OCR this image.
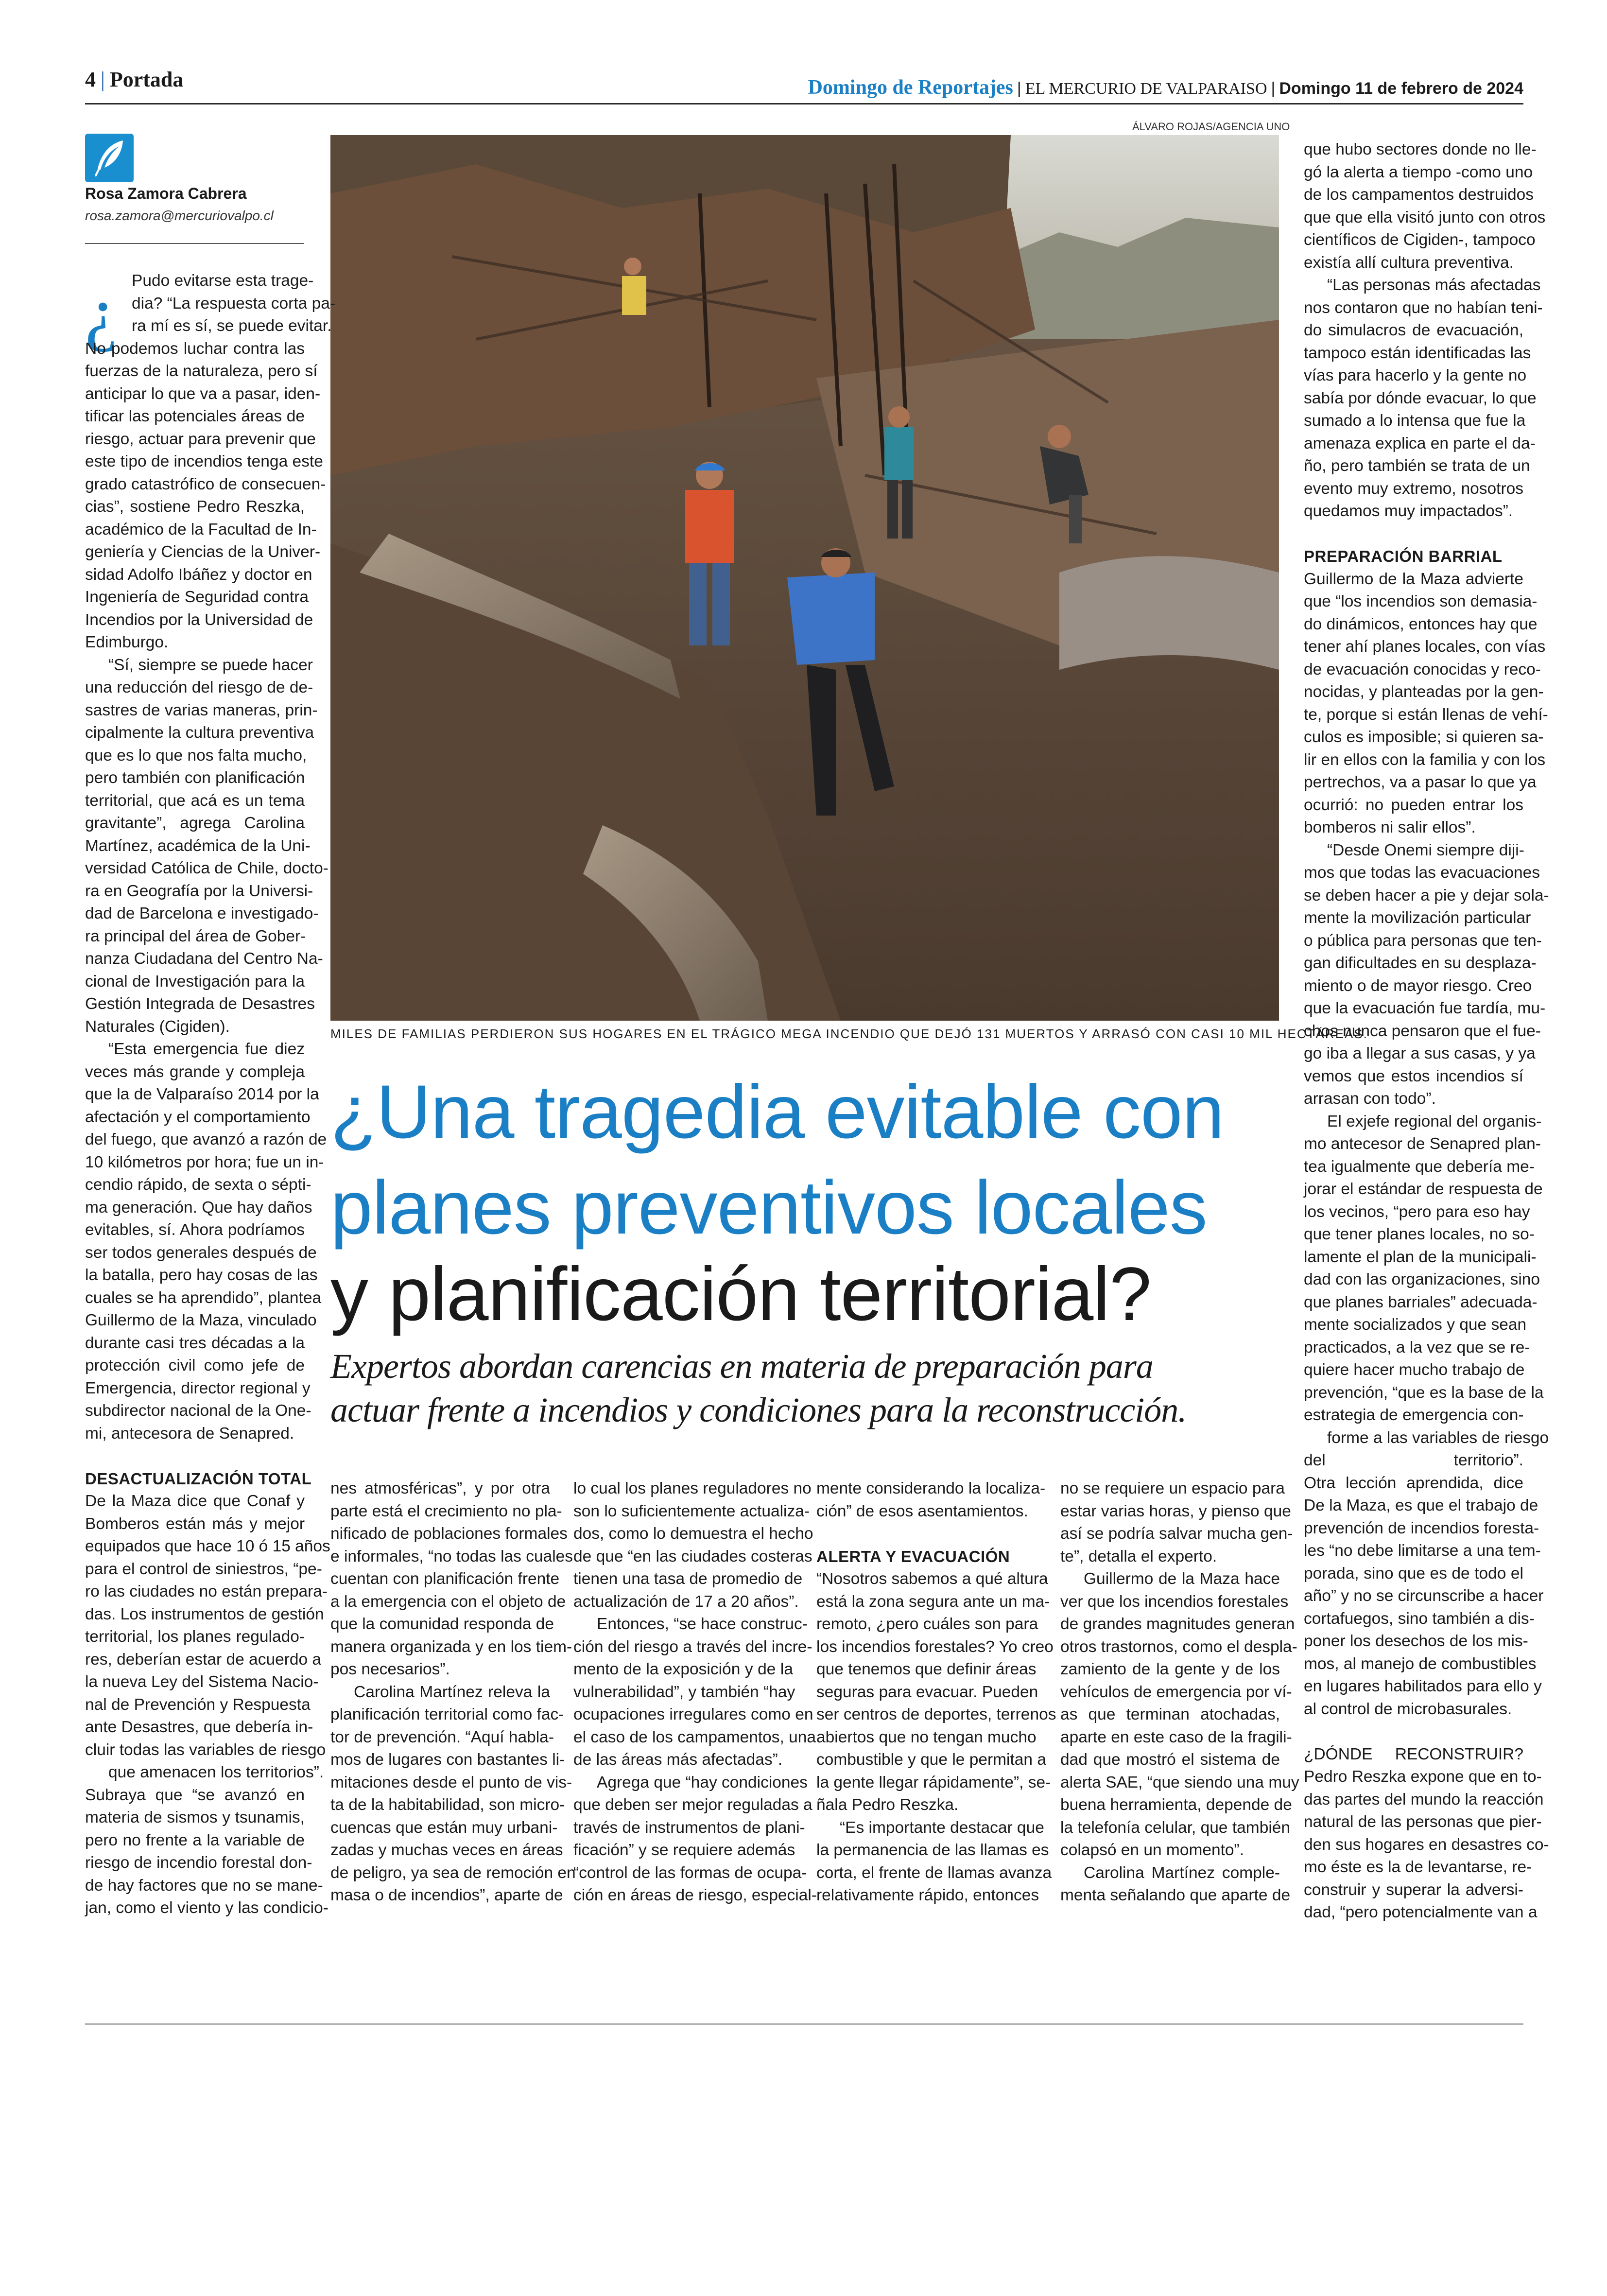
4 | Portada	Domingo de Reportajes | EL MERCURIO DE VALPARAISO | Domingo 11 de febrero de 2024
Rosa Zamora Cabrera
rosa.zamora@mercuriovalpo.cl
ÁLVARO ROJAS/AGENCIA UNO
MILES DE FAMILIAS PERDIERON SUS HOGARES EN EL TRÁGICO MEGA INCENDIO QUE DEJÓ 131 MUERTOS Y ARRASÓ CON CASI 10 MIL HECTÁREAS.
¿Una tragedia evitable con
planes preventivos locales
y planificación territorial?
Expertos abordan carencias en materia de preparación para
actuar frente a incendios y condiciones para la reconstrucción.
¿ Pudo evitarse esta trage-
dia? “La respuesta corta pa-
ra mí es sí, se puede evitar.
No podemos luchar contra las
fuerzas de la naturaleza, pero sí
anticipar lo que va a pasar, iden-
tificar las potenciales áreas de
riesgo, actuar para prevenir que
este tipo de incendios tenga este
grado catastrófico de consecuen-
cias”, sostiene Pedro Reszka,
académico de la Facultad de In-
geniería y Ciencias de la Univer-
sidad Adolfo Ibáñez y doctor en
Ingeniería de Seguridad contra
Incendios por la Universidad de
Edimburgo.
“Sí, siempre se puede hacer
una reducción del riesgo de de-
sastres de varias maneras, prin-
cipalmente la cultura preventiva
que es lo que nos falta mucho,
pero también con planificación
territorial, que acá es un tema
gravitante”, agrega Carolina
Martínez, académica de la Uni-
versidad Católica de Chile, docto-
ra en Geografía por la Universi-
dad de Barcelona e investigado-
ra principal del área de Gober-
nanza Ciudadana del Centro Na-
cional de Investigación para la
Gestión Integrada de Desastres
Naturales (Cigiden).
“Esta emergencia fue diez
veces más grande y compleja
que la de Valparaíso 2014 por la
afectación y el comportamiento
del fuego, que avanzó a razón de
10 kilómetros por hora; fue un in-
cendio rápido, de sexta o sépti-
ma generación. Que hay daños
evitables, sí. Ahora podríamos
ser todos generales después de
la batalla, pero hay cosas de las
cuales se ha aprendido”, plantea
Guillermo de la Maza, vinculado
durante casi tres décadas a la
protección civil como jefe de
Emergencia, director regional y
subdirector nacional de la One-
mi, antecesora de Senapred.
DESACTUALIZACIÓN TOTAL
De la Maza dice que Conaf y
Bomberos están más y mejor
equipados que hace 10 ó 15 años
para el control de siniestros, “pe-
ro las ciudades no están prepara-
das. Los instrumentos de gestión
territorial, los planes regulado-
res, deberían estar de acuerdo a
la nueva Ley del Sistema Nacio-
nal de Prevención y Respuesta
ante Desastres, que debería in-
cluir todas las variables de riesgo
que amenacen los territorios”.
Subraya que “se avanzó en
materia de sismos y tsunamis,
pero no frente a la variable de
riesgo de incendio forestal don-
de hay factores que no se mane-
jan, como el viento y las condicio-
nes atmosféricas”, y por otra
parte está el crecimiento no pla-
nificado de poblaciones formales
e informales, “no todas las cuales
cuentan con planificación frente
a la emergencia con el objeto de
que la comunidad responda de
manera organizada y en los tiem-
pos necesarios”.
Carolina Martínez releva la
planificación territorial como fac-
tor de prevención. “Aquí habla-
mos de lugares con bastantes li-
mitaciones desde el punto de vis-
ta de la habitabilidad, son micro-
cuencas que están muy urbani-
zadas y muchas veces en áreas
de peligro, ya sea de remoción en
masa o de incendios”, aparte de
lo cual los planes reguladores no
son lo suficientemente actualiza-
dos, como lo demuestra el hecho
de que “en las ciudades costeras
tienen una tasa de promedio de
actualización de 17 a 20 años”.
Entonces, “se hace construc-
ción del riesgo a través del incre-
mento de la exposición y de la
vulnerabilidad”, y también “hay
ocupaciones irregulares como en
el caso de los campamentos, una
de las áreas más afectadas”.
Agrega que “hay condiciones
que deben ser mejor reguladas a
través de instrumentos de plani-
ficación” y se requiere además
“control de las formas de ocupa-
ción en áreas de riesgo, especial-
mente considerando la localiza-
ción” de esos asentamientos.
ALERTA Y EVACUACIÓN
“Nosotros sabemos a qué altura
está la zona segura ante un ma-
remoto, ¿pero cuáles son para
los incendios forestales? Yo creo
que tenemos que definir áreas
seguras para evacuar. Pueden
ser centros de deportes, terrenos
abiertos que no tengan mucho
combustible y que le permitan a
la gente llegar rápidamente”, se-
ñala Pedro Reszka.
“Es importante destacar que
la permanencia de las llamas es
corta, el frente de llamas avanza
relativamente rápido, entonces
no se requiere un espacio para
estar varias horas, y pienso que
así se podría salvar mucha gen-
te”, detalla el experto.
Guillermo de la Maza hace
ver que los incendios forestales
de grandes magnitudes generan
otros trastornos, como el despla-
zamiento de la gente y de los
vehículos de emergencia por ví-
as que terminan atochadas,
aparte en este caso de la fragili-
dad que mostró el sistema de
alerta SAE, “que siendo una muy
buena herramienta, depende de
la telefonía celular, que también
colapsó en un momento”.
Carolina Martínez comple-
menta señalando que aparte de
que hubo sectores donde no lle-
gó la alerta a tiempo -como uno
de los campamentos destruidos
que que ella visitó junto con otros
científicos de Cigiden-, tampoco
existía allí cultura preventiva.
“Las personas más afectadas
nos contaron que no habían teni-
do simulacros de evacuación,
tampoco están identificadas las
vías para hacerlo y la gente no
sabía por dónde evacuar, lo que
sumado a lo intensa que fue la
amenaza explica en parte el da-
ño, pero también se trata de un
evento muy extremo, nosotros
quedamos muy impactados”.
PREPARACIÓN BARRIAL
Guillermo de la Maza advierte
que “los incendios son demasia-
do dinámicos, entonces hay que
tener ahí planes locales, con vías
de evacuación conocidas y reco-
nocidas, y planteadas por la gen-
te, porque si están llenas de vehí-
culos es imposible; si quieren sa-
lir en ellos con la familia y con los
pertrechos, va a pasar lo que ya
ocurrió: no pueden entrar los
bomberos ni salir ellos”.
“Desde Onemi siempre diji-
mos que todas las evacuaciones
se deben hacer a pie y dejar sola-
mente la movilización particular
o pública para personas que ten-
gan dificultades en su desplaza-
miento o de mayor riesgo. Creo
que la evacuación fue tardía, mu-
chos nunca pensaron que el fue-
go iba a llegar a sus casas, y ya
vemos que estos incendios sí
arrasan con todo”.
El exjefe regional del organis-
mo antecesor de Senapred plan-
tea igualmente que debería me-
jorar el estándar de respuesta de
los vecinos, “pero para eso hay
que tener planes locales, no so-
lamente el plan de la municipali-
dad con las organizaciones, sino
que planes barriales” adecuada-
mente socializados y que sean
practicados, a la vez que se re-
quiere hacer mucho trabajo de
prevención, “que es la base de la
estrategia de emergencia con-
forme a las variables de riesgo
del territorio”.
Otra lección aprendida, dice
De la Maza, es que el trabajo de
prevención de incendios foresta-
les “no debe limitarse a una tem-
porada, sino que es de todo el
año” y no se circunscribe a hacer
cortafuegos, sino también a dis-
poner los desechos de los mis-
mos, al manejo de combustibles
en lugares habilitados para ello y
al control de microbasurales.
¿DÓNDE RECONSTRUIR?
Pedro Reszka expone que en to-
das partes del mundo la reacción
natural de las personas que pier-
den sus hogares en desastres co-
mo éste es la de levantarse, re-
construir y superar la adversi-
dad, “pero potencialmente van a
